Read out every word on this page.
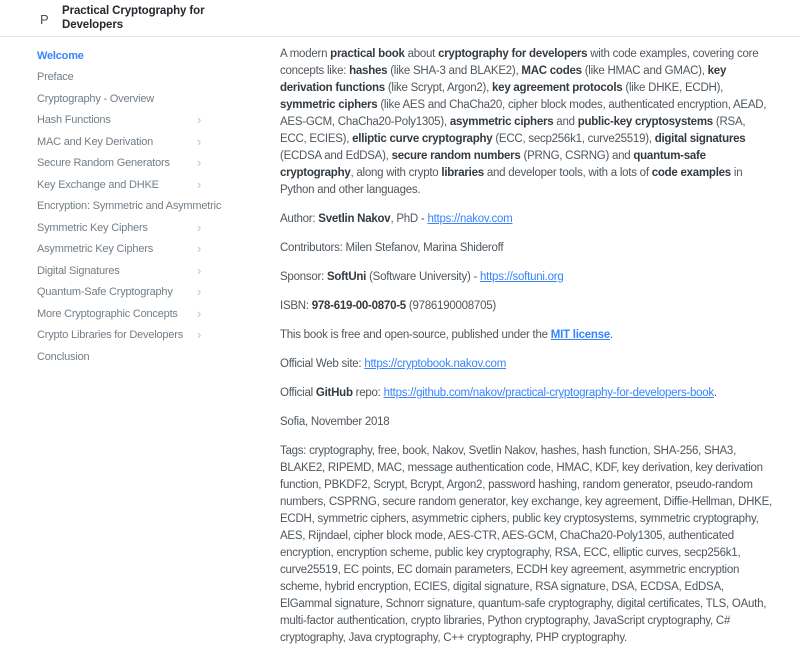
P
Practical Cryptography for Developers
Welcome
Preface
Cryptography - Overview
Hash Functions	›
MAC and Key Derivation	›
Secure Random Generators ›
Key Exchange and DHKE	›
Encryption: Symmetric and Asymmetric
Symmetric Key Ciphers	›
Asymmetric Key Ciphers	›
Digital Signatures	›
Quantum-Safe Cryptography ›
More Cryptographic Concepts ›
Crypto Libraries for Developers ›
Conclusion

A modern practical book about cryptography for developers with code examples, covering core concepts like: hashes (like SHA-3 and BLAKE2), MAC codes (like HMAC and GMAC), key derivation functions (like Scrypt, Argon2), key agreement protocols (like DHKE, ECDH), symmetric ciphers (like AES and ChaCha20, cipher block modes, authenticated encryption, AEAD, AES-GCM, ChaCha20-Poly1305), asymmetric ciphers and public-key cryptosystems (RSA, ECC, ECIES), elliptic curve cryptography (ECC, secp256k1, curve25519), digital signatures (ECDSA and EdDSA), secure random numbers (PRNG, CSRNG) and quantum-safe cryptography, along with crypto libraries and developer tools, with a lots of code examples in Python and other languages.

Author: Svetlin Nakov, PhD - https://nakov.com

Contributors: Milen Stefanov, Marina Shideroff

Sponsor: SoftUni (Software University) - https://softuni.org

ISBN: 978-619-00-0870-5 (9786190008705)

This book is free and open-source, published under the MIT license.

Official Web site: https://cryptobook.nakov.com

Official GitHub repo: https://github.com/nakov/practical-cryptography-for-developers-book.

Sofia, November 2018

Tags: cryptography, free, book, Nakov, Svetlin Nakov, hashes, hash function, SHA-256, SHA3, BLAKE2, RIPEMD, MAC, message authentication code, HMAC, KDF, key derivation, key derivation function, PBKDF2, Scrypt, Bcrypt, Argon2, password hashing, random generator, pseudo-random numbers, CSPRNG, secure random generator, key exchange, key agreement, Diffie-Hellman, DHKE, ECDH, symmetric ciphers, asymmetric ciphers, public key cryptosystems, symmetric cryptography, AES, Rijndael, cipher block mode, AES-CTR, AES-GCM, ChaCha20-Poly1305, authenticated encryption, encryption scheme, public key cryptography, RSA, ECC, elliptic curves, secp256k1, curve25519, EC points, EC domain parameters, ECDH key agreement, asymmetric encryption scheme, hybrid encryption, ECIES, digital signature, RSA signature, DSA, ECDSA, EdDSA, ElGammal signature, Schnorr signature, quantum-safe cryptography, digital certificates, TLS, OAuth, multi-factor authentication, crypto libraries, Python cryptography, JavaScript cryptography, C# cryptography, Java cryptography, C++ cryptography, PHP cryptography.
